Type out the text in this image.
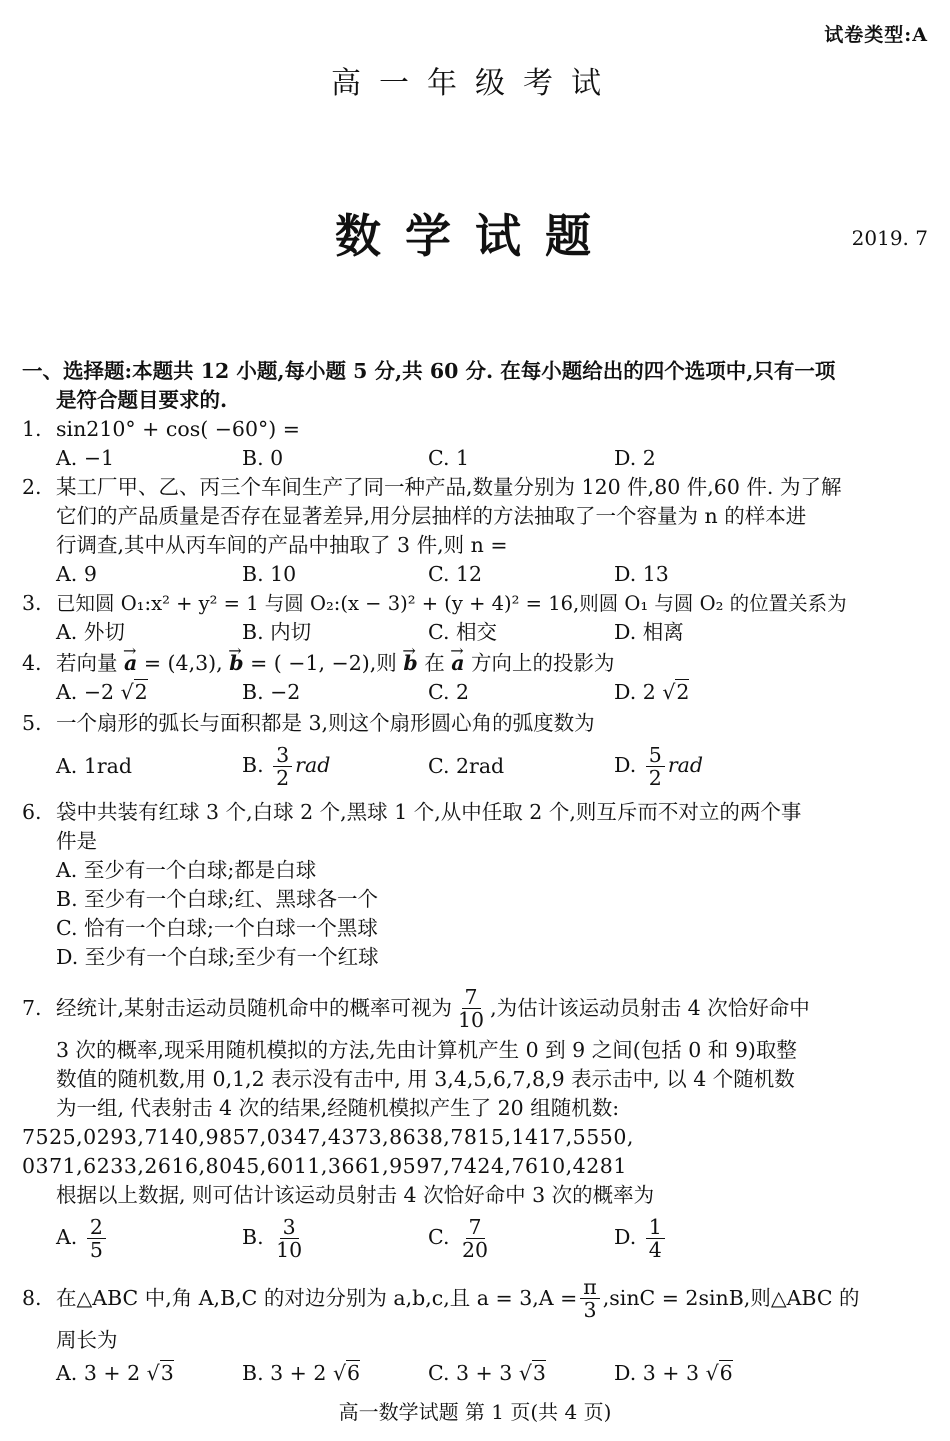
试卷类型:A
高一年级考试
数学试题	2019. 7
一、选择题:本题共 12 小题,每小题 5 分,共 60 分. 在每小题给出的四个选项中,只有一项
是符合题目要求的.
1. sin210° + cos( −60°) =
A. −1	B. 0	C. 1	D. 2
2. 某工厂甲、乙、丙三个车间生产了同一种产品,数量分别为 120 件,80 件,60 件. 为了解
它们的产品质量是否存在显著差异,用分层抽样的方法抽取了一个容量为 n 的样本进
行调查,其中从丙车间的产品中抽取了 3 件,则 n =
A. 9	B. 10	C. 12	D. 13
3. 已知圆 O₁:x² + y² = 1 与圆 O₂:(x − 3)² + (y + 4)² = 16,则圆 O₁ 与圆 O₂ 的位置关系为
A. 外切	B. 内切	C. 相交	D. 相离
4. 若向量 a → = (4,3), b → = ( −1, −2),则 b → 在 a → 方向上的投影为
A. −2 √2	B. −2	C. 2	D. 2 √2
5. 一个扇形的弧长与面积都是 3,则这个扇形圆心角的弧度数为
A. 1rad	B. $\frac{3}{2}$ rad	C. 2rad	D. $\frac{5}{2}$ rad
6. 袋中共装有红球 3 个,白球 2 个,黑球 1 个,从中任取 2 个,则互斥而不对立的两个事
件是
A. 至少有一个白球;都是白球
B. 至少有一个白球;红、黑球各一个
C. 恰有一个白球;一个白球一个黑球
D. 至少有一个白球;至少有一个红球
7. 经统计,某射击运动员随机命中的概率可视为 $\frac{7}{10}$ ,为估计该运动员射击 4 次恰好命中
3 次的概率,现采用随机模拟的方法,先由计算机产生 0 到 9 之间(包括 0 和 9)取整
数值的随机数,用 0,1,2 表示没有击中, 用 3,4,5,6,7,8,9 表示击中, 以 4 个随机数
为一组, 代表射击 4 次的结果,经随机模拟产生了 20 组随机数:
7525,0293,7140,9857,0347,4373,8638,7815,1417,5550,
0371,6233,2616,8045,6011,3661,9597,7424,7610,4281
根据以上数据, 则可估计该运动员射击 4 次恰好命中 3 次的概率为
A. $\frac{2}{5}$	B. $\frac{3}{10}$	C. $\frac{7}{20}$	D. $\frac{1}{4}$
8. 在△ABC 中,角 A,B,C 的对边分别为 a,b,c,且 $a = 3,A = \frac{\pi}{3} ,\sin C = 2\sin B$,则△ABC 的
周长为
A. 3 + 2 √3	B. 3 + 2 √6	C. 3 + 3 √3	D. 3 + 3 √6
高一数学试题 第 1 页(共 4 页)
